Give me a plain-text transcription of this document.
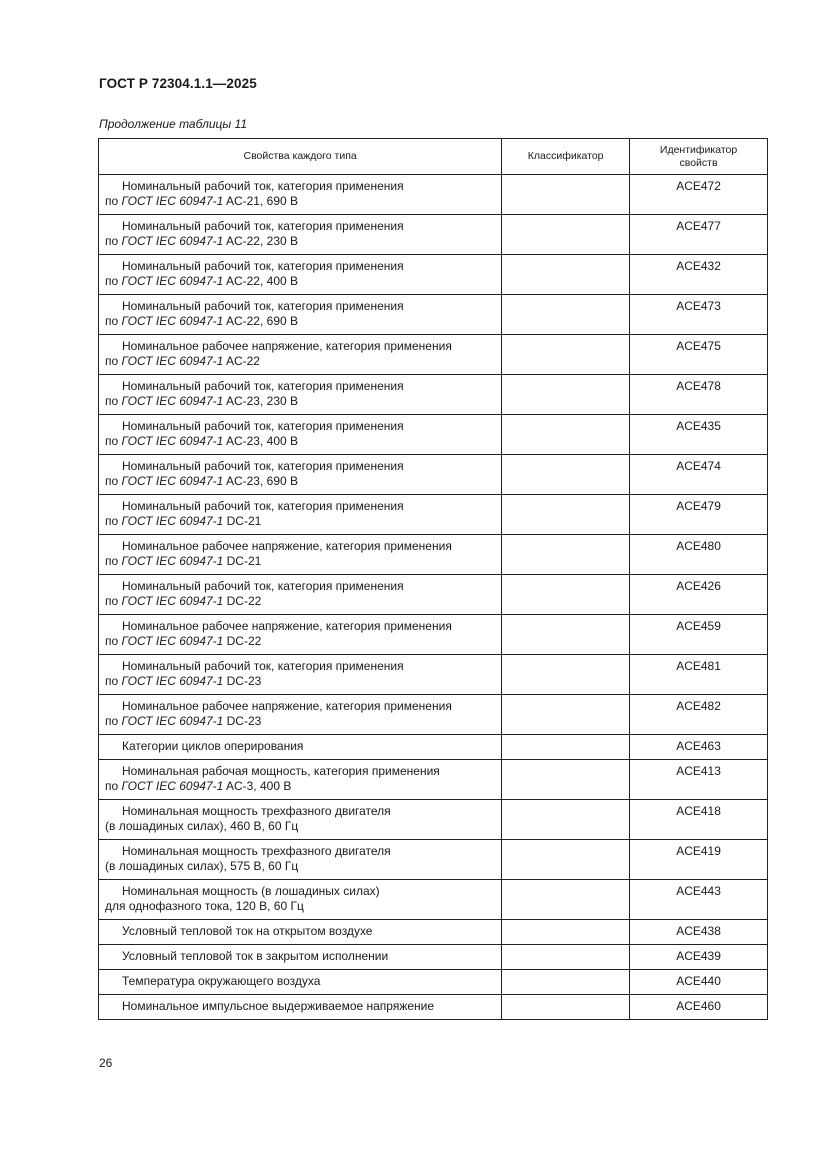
ГОСТ Р 72304.1.1—2025
Продолжение таблицы 11
Свойства каждого типа	Классификатор	Идентификатор свойств

Номинальный рабочий ток, категория применения
по ГОСТ IEC 60947-1 AC-21, 690 В		ACE472

Номинальный рабочий ток, категория применения
по ГОСТ IEC 60947-1 AC-22, 230 В		ACE477

Номинальный рабочий ток, категория применения
по ГОСТ IEC 60947-1 AC-22, 400 В		ACE432

Номинальный рабочий ток, категория применения
по ГОСТ IEC 60947-1 AC-22, 690 В		ACE473

Номинальное рабочее напряжение, категория применения
по ГОСТ IEC 60947-1 AC-22		ACE475

Номинальный рабочий ток, категория применения
по ГОСТ IEC 60947-1 AC-23, 230 В		ACE478

Номинальный рабочий ток, категория применения
по ГОСТ IEC 60947-1 AC-23, 400 В		ACE435

Номинальный рабочий ток, категория применения
по ГОСТ IEC 60947-1 AC-23, 690 В		ACE474

Номинальный рабочий ток, категория применения
по ГОСТ IEC 60947-1 DC-21		ACE479

Номинальное рабочее напряжение, категория применения
по ГОСТ IEC 60947-1 DC-21		ACE480

Номинальный рабочий ток, категория применения
по ГОСТ IEC 60947-1 DC-22		ACE426

Номинальное рабочее напряжение, категория применения
по ГОСТ IEC 60947-1 DC-22		ACE459

Номинальный рабочий ток, категория применения
по ГОСТ IEC 60947-1 DC-23		ACE481

Номинальное рабочее напряжение, категория применения
по ГОСТ IEC 60947-1 DC-23		ACE482

Категории циклов оперирования		ACE463

Номинальная рабочая мощность, категория применения
по ГОСТ IEC 60947-1 AC-3, 400 В		ACE413

Номинальная мощность трехфазного двигателя
(в лошадиных силах), 460 В, 60 Гц		ACE418

Номинальная мощность трехфазного двигателя
(в лошадиных силах), 575 В, 60 Гц		ACE419

Номинальная мощность (в лошадиных силах)
для однофазного тока, 120 В, 60 Гц		ACE443

Условный тепловой ток на открытом воздухе		ACE438

Условный тепловой ток в закрытом исполнении		ACE439

Температура окружающего воздуха		ACE440

Номинальное импульсное выдерживаемое напряжение		ACE460
26
